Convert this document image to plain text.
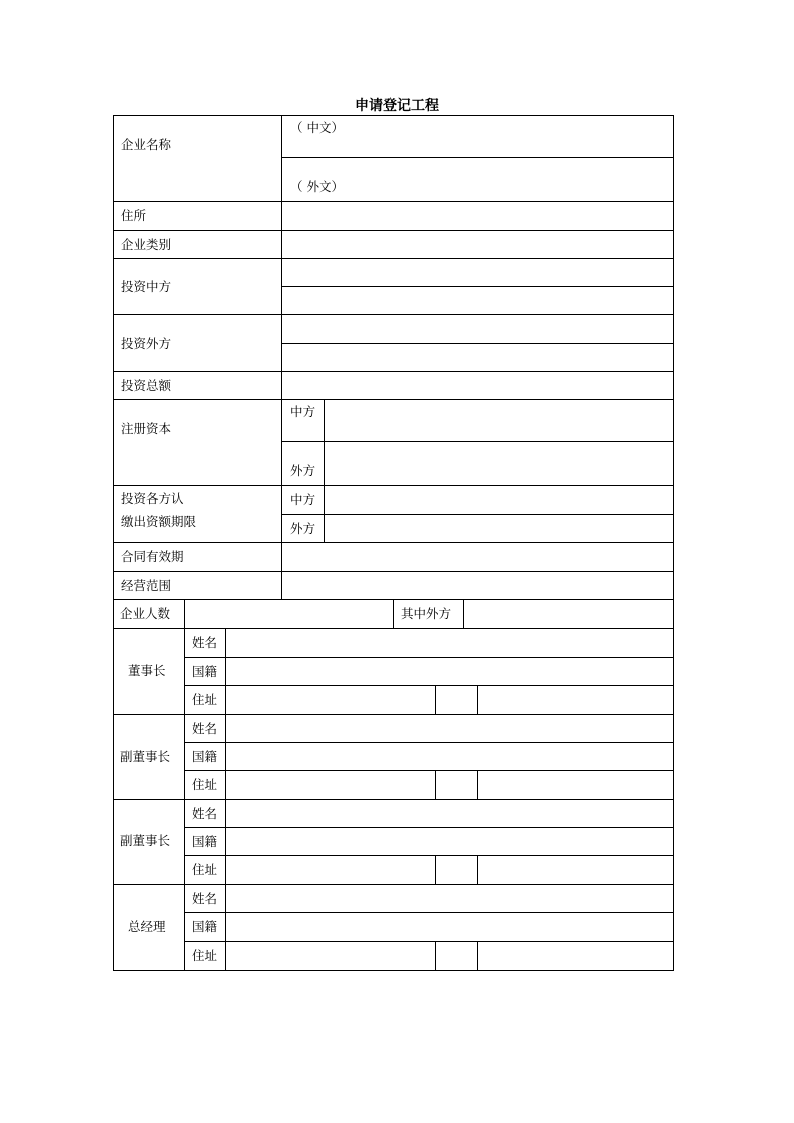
申请登记工程
企业名称
（ 中文）
（ 外文）
住所
企业类别
投资中方
投资外方
投资总额
注册资本
中方
外方
投资各方认
缴出资额期限
中方
外方
合同有效期
经营范围
企业人数	其中外方
董事长
姓名
国籍
住址
副董事长
姓名
国籍
住址
副董事长
姓名
国籍
住址
总经理
姓名
国籍
住址
